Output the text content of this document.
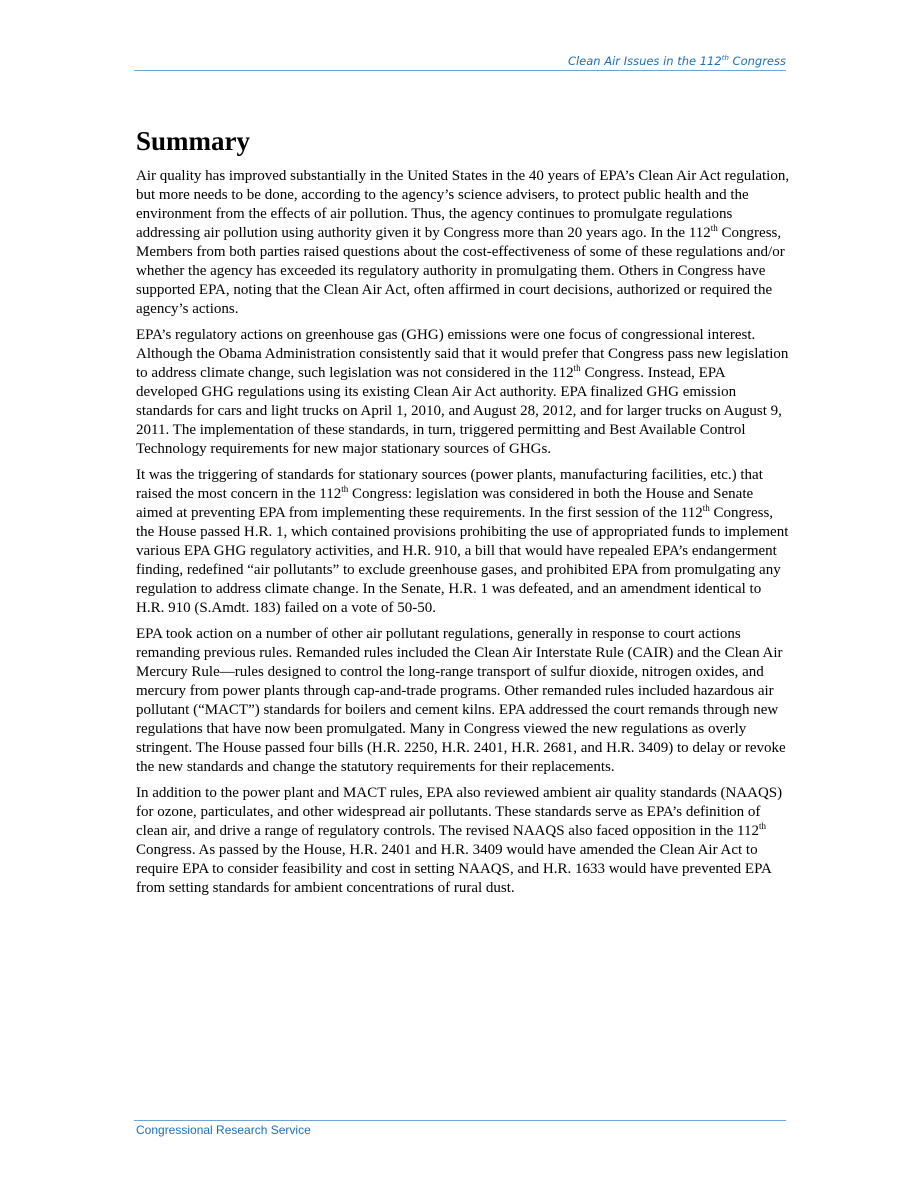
Clean Air Issues in the 112th Congress
Summary

Air quality has improved substantially in the United States in the 40 years of EPA’s Clean Air Act regulation, but more needs to be done, according to the agency’s science advisers, to protect public health and the environment from the effects of air pollution. Thus, the agency continues to promulgate regulations addressing air pollution using authority given it by Congress more than 20 years ago. In the 112th Congress, Members from both parties raised questions about the cost-effectiveness of some of these regulations and/or whether the agency has exceeded its regulatory authority in promulgating them. Others in Congress have supported EPA, noting that the Clean Air Act, often affirmed in court decisions, authorized or required the agency’s actions.

EPA’s regulatory actions on greenhouse gas (GHG) emissions were one focus of congressional interest. Although the Obama Administration consistently said that it would prefer that Congress pass new legislation to address climate change, such legislation was not considered in the 112th Congress. Instead, EPA developed GHG regulations using its existing Clean Air Act authority. EPA finalized GHG emission standards for cars and light trucks on April 1, 2010, and August 28, 2012, and for larger trucks on August 9, 2011. The implementation of these standards, in turn, triggered permitting and Best Available Control Technology requirements for new major stationary sources of GHGs.

It was the triggering of standards for stationary sources (power plants, manufacturing facilities, etc.) that raised the most concern in the 112th Congress: legislation was considered in both the House and Senate aimed at preventing EPA from implementing these requirements. In the first session of the 112th Congress, the House passed H.R. 1, which contained provisions prohibiting the use of appropriated funds to implement various EPA GHG regulatory activities, and H.R. 910, a bill that would have repealed EPA’s endangerment finding, redefined “air pollutants” to exclude greenhouse gases, and prohibited EPA from promulgating any regulation to address climate change. In the Senate, H.R. 1 was defeated, and an amendment identical to H.R. 910 (S.Amdt. 183) failed on a vote of 50-50.

EPA took action on a number of other air pollutant regulations, generally in response to court actions remanding previous rules. Remanded rules included the Clean Air Interstate Rule (CAIR) and the Clean Air Mercury Rule—rules designed to control the long-range transport of sulfur dioxide, nitrogen oxides, and mercury from power plants through cap-and-trade programs. Other remanded rules included hazardous air pollutant (“MACT”) standards for boilers and cement kilns. EPA addressed the court remands through new regulations that have now been promulgated. Many in Congress viewed the new regulations as overly stringent. The House passed four bills (H.R. 2250, H.R. 2401, H.R. 2681, and H.R. 3409) to delay or revoke the new standards and change the statutory requirements for their replacements.

In addition to the power plant and MACT rules, EPA also reviewed ambient air quality standards (NAAQS) for ozone, particulates, and other widespread air pollutants. These standards serve as EPA’s definition of clean air, and drive a range of regulatory controls. The revised NAAQS also faced opposition in the 112th Congress. As passed by the House, H.R. 2401 and H.R. 3409 would have amended the Clean Air Act to require EPA to consider feasibility and cost in setting NAAQS, and H.R. 1633 would have prevented EPA from setting standards for ambient concentrations of rural dust.

Congressional Research Service
